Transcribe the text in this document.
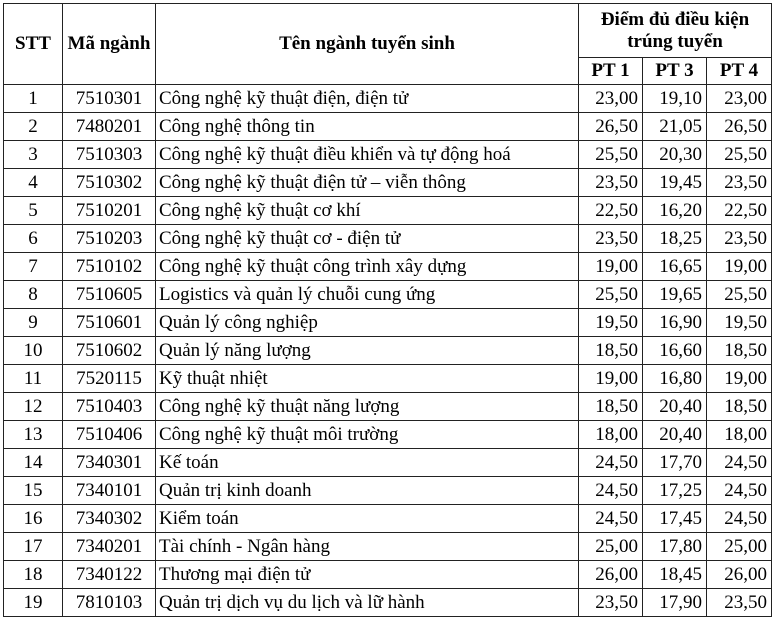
STT	Mã ngành	Tên ngành tuyển sinh	Điểm đủ điều kiện trúng tuyển		
			PT 1	PT 3	PT 4
1	7510301	Công nghệ kỹ thuật điện, điện tử	23,00	19,10	23,00
2	7480201	Công nghệ thông tin	26,50	21,05	26,50
3	7510303	Công nghệ kỹ thuật điều khiển và tự động hoá	25,50	20,30	25,50
4	7510302	Công nghệ kỹ thuật điện tử – viễn thông	23,50	19,45	23,50
5	7510201	Công nghệ kỹ thuật cơ khí	22,50	16,20	22,50
6	7510203	Công nghệ kỹ thuật cơ - điện tử	23,50	18,25	23,50
7	7510102	Công nghệ kỹ thuật công trình xây dựng	19,00	16,65	19,00
8	7510605	Logistics và quản lý chuỗi cung ứng	25,50	19,65	25,50
9	7510601	Quản lý công nghiệp	19,50	16,90	19,50
10	7510602	Quản lý năng lượng	18,50	16,60	18,50
11	7520115	Kỹ thuật nhiệt	19,00	16,80	19,00
12	7510403	Công nghệ kỹ thuật năng lượng	18,50	20,40	18,50
13	7510406	Công nghệ kỹ thuật môi trường	18,00	20,40	18,00
14	7340301	Kế toán	24,50	17,70	24,50
15	7340101	Quản trị kinh doanh	24,50	17,25	24,50
16	7340302	Kiểm toán	24,50	17,45	24,50
17	7340201	Tài chính - Ngân hàng	25,00	17,80	25,00
18	7340122	Thương mại điện tử	26,00	18,45	26,00
19	7810103	Quản trị dịch vụ du lịch và lữ hành	23,50	17,90	23,50
